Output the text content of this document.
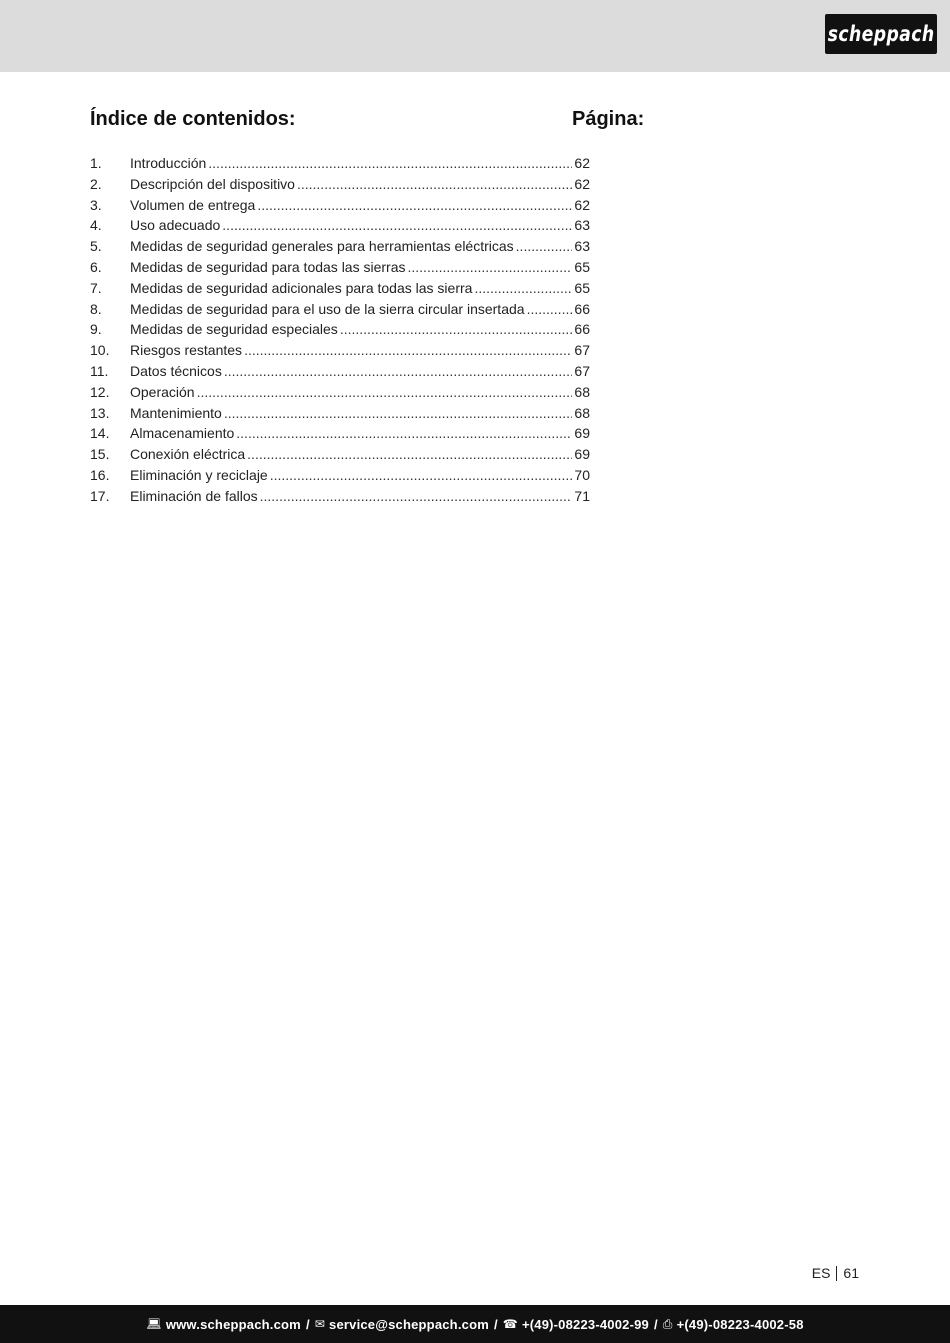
scheppach
Índice de contenidos:	Página:
1.	Introducción .....	62
2.	Descripción del dispositivo .....	62
3.	Volumen de entrega .....	62
4.	Uso adecuado .....	63
5.	Medidas de seguridad generales para herramientas eléctricas .....	63
6.	Medidas de seguridad para todas las sierras .....	65
7.	Medidas de seguridad adicionales para todas las sierra .....	65
8.	Medidas de seguridad para el uso de la sierra circular insertada .....	66
9.	Medidas de seguridad especiales .....	66
10.	Riesgos restantes .....	67
11.	Datos técnicos .....	67
12.	Operación .....	68
13.	Mantenimiento .....	68
14.	Almacenamiento .....	69
15.	Conexión eléctrica .....	69
16.	Eliminación y reciclaje .....	70
17.	Eliminación de fallos .....	71
ES 61
💻︎ www.scheppach.com / ✉︎ service@scheppach.com / ☎︎ +(49)-08223-4002-99 / ⎙ +(49)-08223-4002-58
